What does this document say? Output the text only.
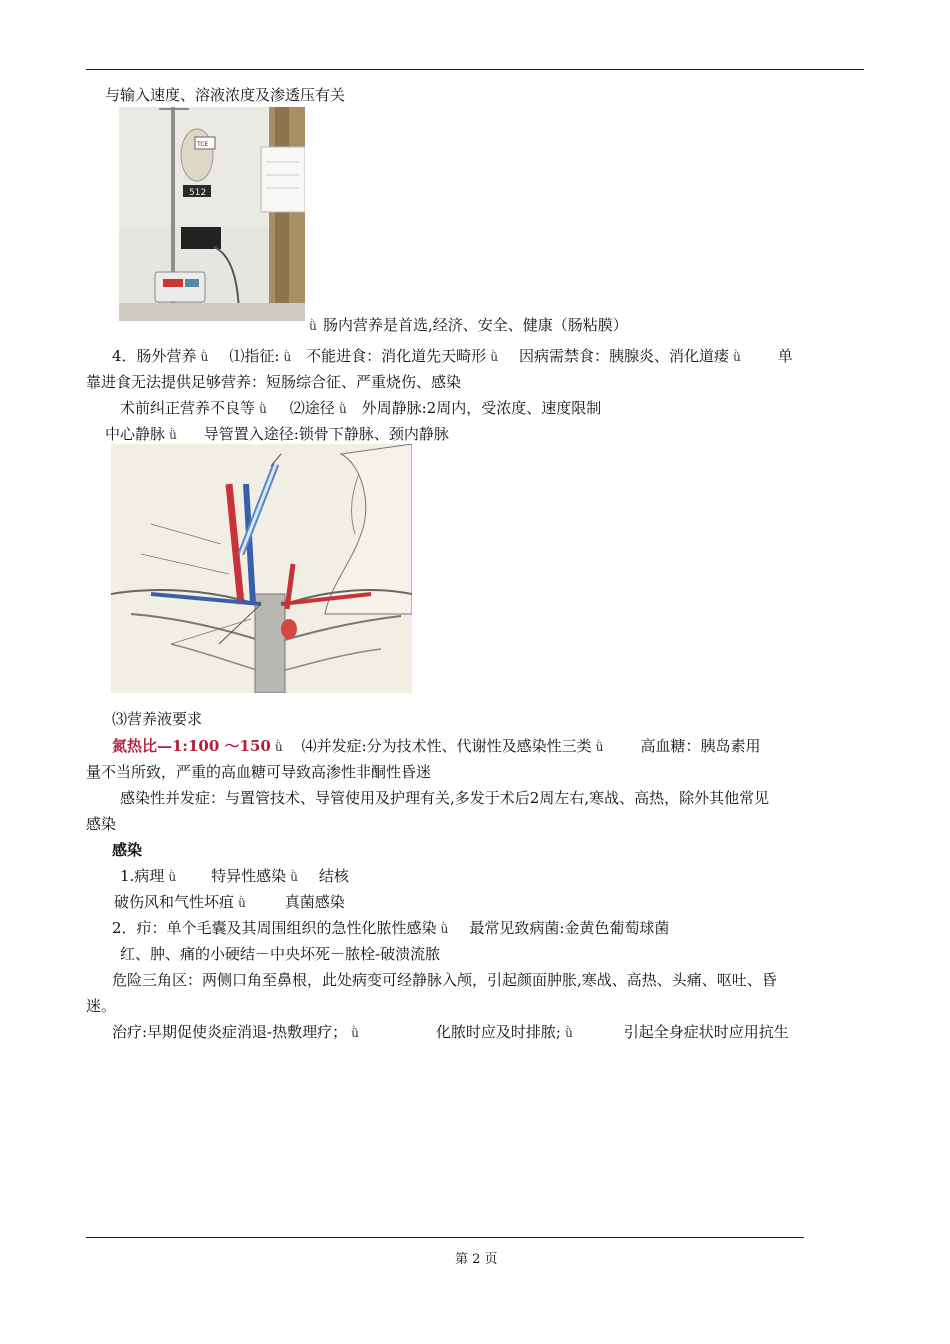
与输入速度、溶液浓度及渗透压有关
TCE
512
ǜ 肠内营养是首选,经济、安全、健康（肠粘膜）
4．肠外营养 ǜ ⑴指征: ǜ 不能进食：消化道先天畸形 ǜ 因病需禁食：胰腺炎、消化道瘘 ǜ 单
靠进食无法提供足够营养：短肠综合征、严重烧伤、感染
术前纠正营养不良等 ǜ ⑵途径 ǜ 外周静脉:2周内，受浓度、速度限制
中心静脉 ǜ 导管置入途径:锁骨下静脉、颈内静脉
⑶营养液要求
氮热比—1:100 ～150 ǜ ⑷并发症:分为技术性、代谢性及感染性三类 ǜ 高血糖：胰岛素用
量不当所致，严重的高血糖可导致高渗性非酮性昏迷
感染性并发症：与置管技术、导管使用及护理有关,多发于术后2周左右,寒战、高热，除外其他常见
感染
感染
1.病理 ǜ 特异性感染 ǜ 结核
破伤风和气性坏疽 ǜ	真菌感染
2．疖：单个毛囊及其周围组织的急性化脓性感染 ǜ 最常见致病菌:金黄色葡萄球菌
红、肿、痛的小硬结－中央坏死－脓栓-破溃流脓
危险三角区：两侧口角至鼻根，此处病变可经静脉入颅，引起颜面肿胀,寒战、高热、头痛、呕吐、昏
迷。
治疗:早期促使炎症消退-热敷理疗； ǜ	化脓时应及时排脓; ǜ	引起全身症状时应用抗生
第 2 页
